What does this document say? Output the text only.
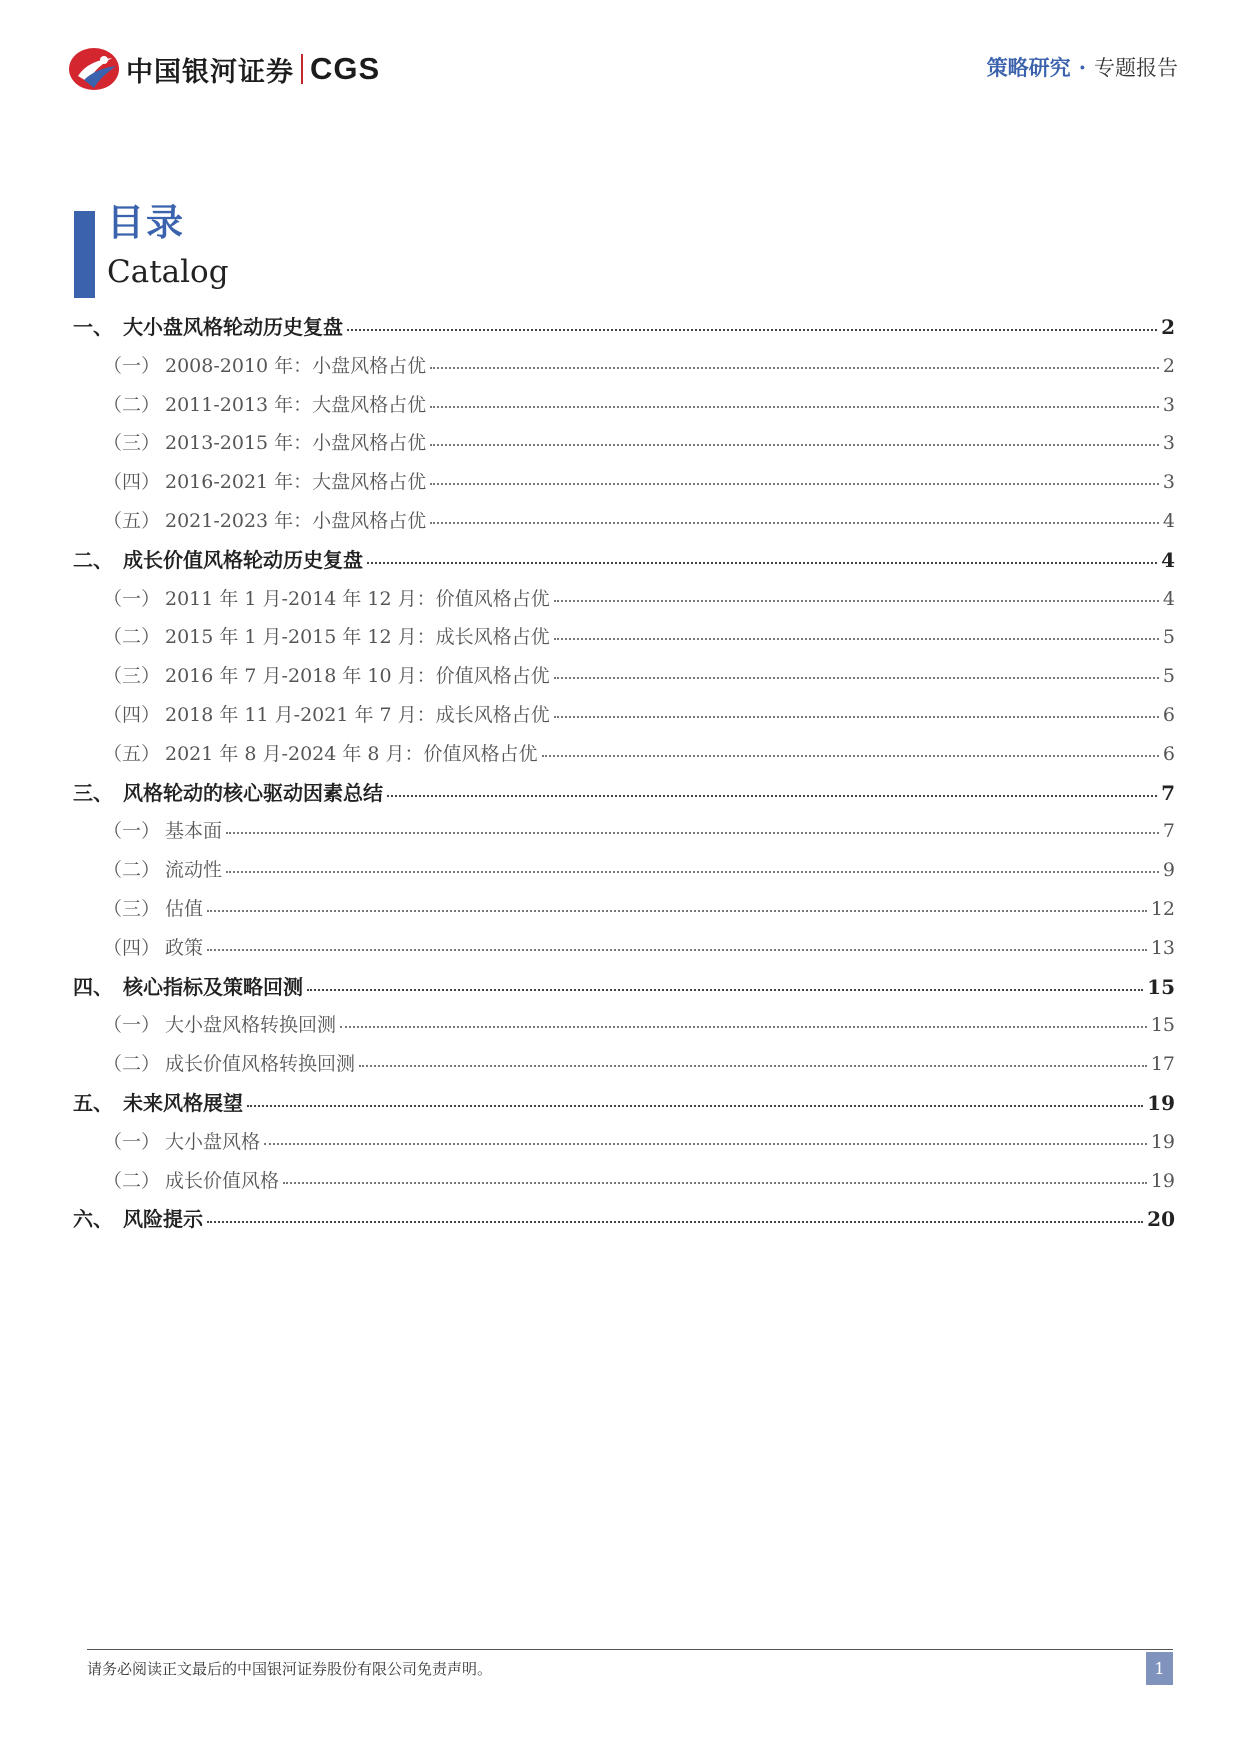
中国银河证券 CGS	策略研究 · 专题报告
目录
Catalog
一、 大小盘风格轮动历史复盘	2
（一） 2008-2010 年：小盘风格占优	2
（二） 2011-2013 年：大盘风格占优	3
（三） 2013-2015 年：小盘风格占优	3
（四） 2016-2021 年：大盘风格占优	3
（五） 2021-2023 年：小盘风格占优	4
二、 成长价值风格轮动历史复盘	4
（一） 2011 年 1 月-2014 年 12 月：价值风格占优	4
（二） 2015 年 1 月-2015 年 12 月：成长风格占优	5
（三） 2016 年 7 月-2018 年 10 月：价值风格占优	5
（四） 2018 年 11 月-2021 年 7 月：成长风格占优	6
（五） 2021 年 8 月-2024 年 8 月：价值风格占优	6
三、 风格轮动的核心驱动因素总结	7
（一） 基本面	7
（二） 流动性	9
（三） 估值	12
（四） 政策	13
四、 核心指标及策略回测	15
（一） 大小盘风格转换回测	15
（二） 成长价值风格转换回测	17
五、 未来风格展望	19
（一） 大小盘风格	19
（二） 成长价值风格	19
六、 风险提示	20
请务必阅读正文最后的中国银河证券股份有限公司免责声明。	1
